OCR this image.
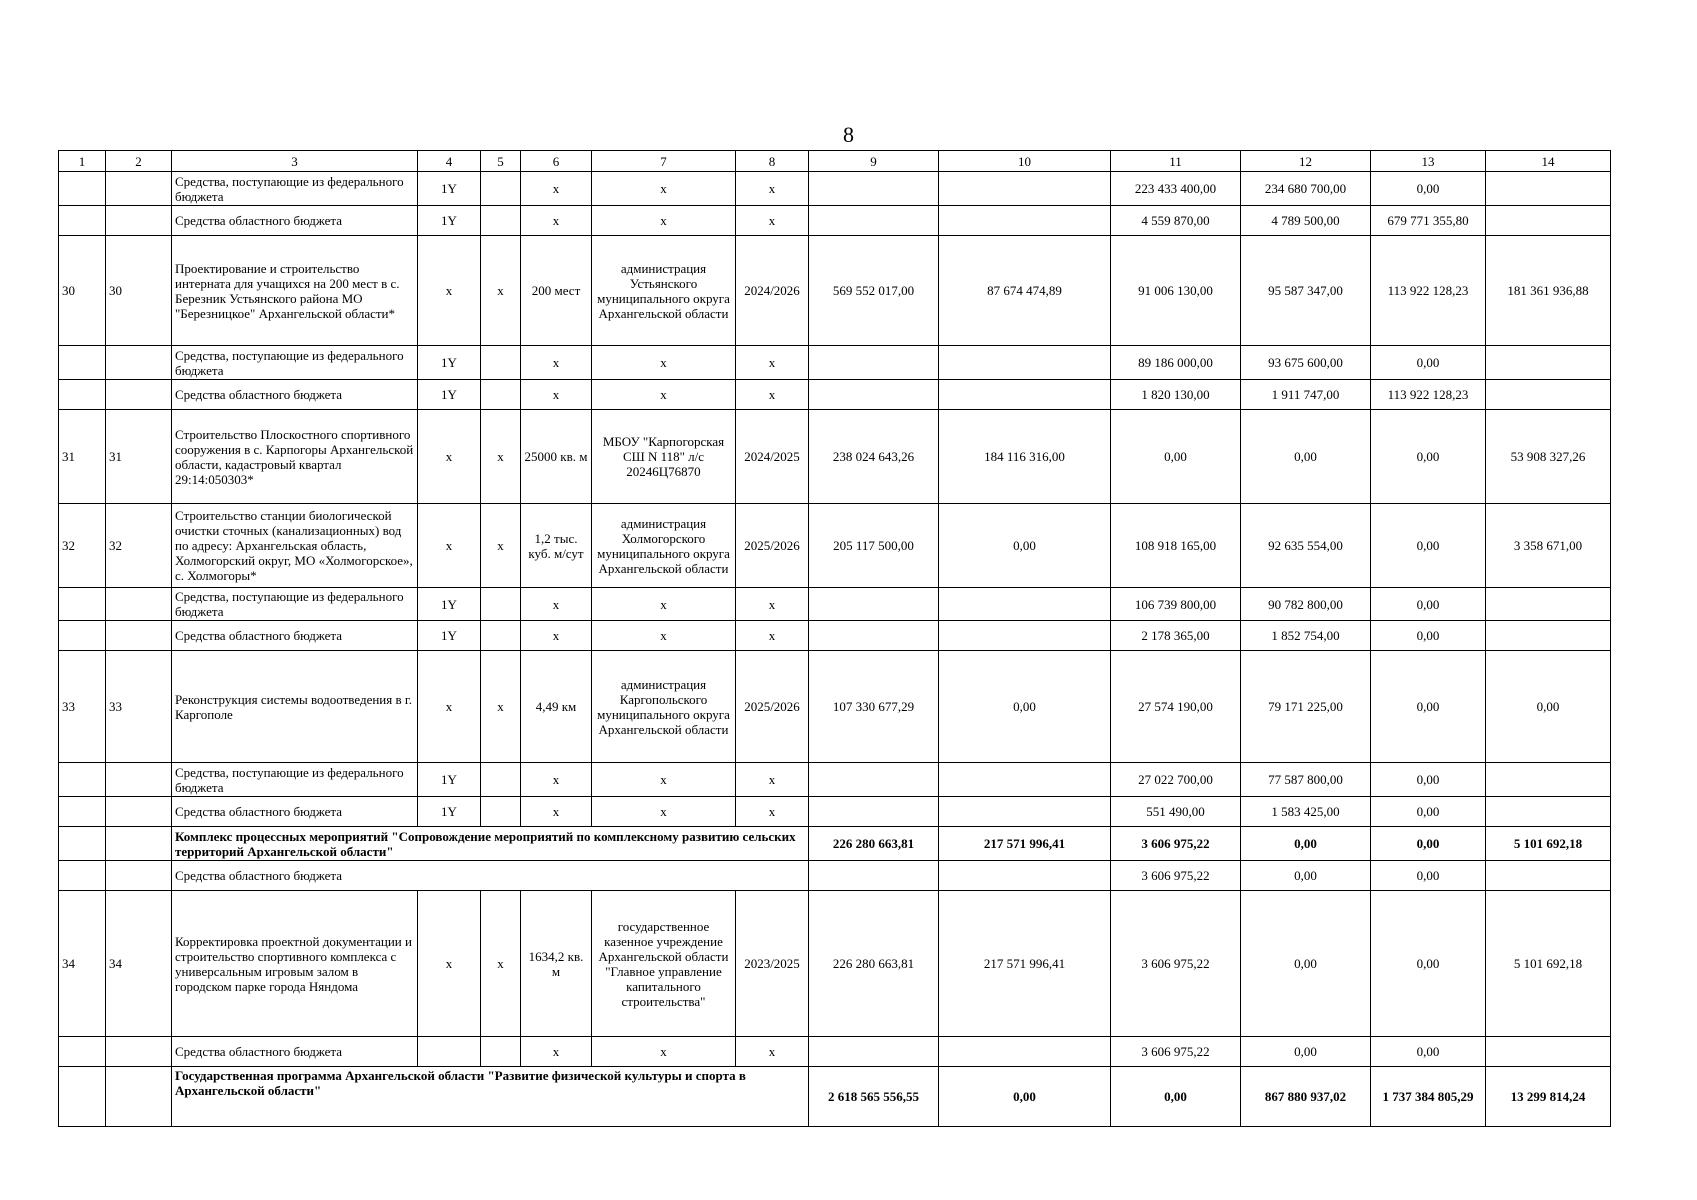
8
1	2	3	4	5	6	7	8	9	10	11	12	13	14
		Средства, поступающие из федерального бюджета	1Y		x	x	x			223 433 400,00	234 680 700,00	0,00	
		Средства областного бюджета	1Y		x	x	x			4 559 870,00	4 789 500,00	679 771 355,80	
30	30	Проектирование и строительство интерната для учащихся на 200 мест в с. Березник Устьянского района МО "Березницкое" Архангельской области*	x	x	200 мест	администрация Устьянского муниципального округа Архангельской области	2024/2026	569 552 017,00	87 674 474,89	91 006 130,00	95 587 347,00	113 922 128,23	181 361 936,88
		Средства, поступающие из федерального бюджета	1Y		x	x	x			89 186 000,00	93 675 600,00	0,00	
		Средства областного бюджета	1Y		x	x	x			1 820 130,00	1 911 747,00	113 922 128,23	
31	31	Строительство Плоскостного спортивного сооружения в с. Карпогоры Архангельской области, кадастровый квартал 29:14:050303*	x	x	25000 кв. м	МБОУ "Карпогорская СШ N 118" л/с 20246Ц76870	2024/2025	238 024 643,26	184 116 316,00	0,00	0,00	0,00	53 908 327,26
32	32	Строительство станции биологической очистки сточных (канализационных) вод по адресу: Архангельская область, Холмогорский округ, МО «Холмогорское», с. Холмогоры*	x	x	1,2 тыс. куб. м/сут	администрация Холмогорского муниципального округа Архангельской области	2025/2026	205 117 500,00	0,00	108 918 165,00	92 635 554,00	0,00	3 358 671,00
		Средства, поступающие из федерального бюджета	1Y		x	x	x			106 739 800,00	90 782 800,00	0,00	
		Средства областного бюджета	1Y		x	x	x			2 178 365,00	1 852 754,00	0,00	
33	33	Реконструкция системы водоотведения в г. Каргополе	x	x	4,49 км	администрация Каргопольского муниципального округа Архангельской области	2025/2026	107 330 677,29	0,00	27 574 190,00	79 171 225,00	0,00	0,00
		Средства, поступающие из федерального бюджета	1Y		x	x	x			27 022 700,00	77 587 800,00	0,00	
		Средства областного бюджета	1Y		x	x	x			551 490,00	1 583 425,00	0,00	
		Комплекс процессных мероприятий "Сопровождение мероприятий по комплексному развитию сельских территорий Архангельской области"						226 280 663,81	217 571 996,41	3 606 975,22	0,00	0,00	5 101 692,18
		Средства областного бюджета								3 606 975,22	0,00	0,00	
34	34	Корректировка проектной документации и строительство спортивного комплекса с универсальным игровым залом в городском парке города Няндома	x	x	1634,2 кв. м	государственное казенное учреждение Архангельской области "Главное управление капитального строительства"	2023/2025	226 280 663,81	217 571 996,41	3 606 975,22	0,00	0,00	5 101 692,18
		Средства областного бюджета			x	x	x			3 606 975,22	0,00	0,00	
		Государственная программа Архангельской области "Развитие физической культуры и спорта в Архангельской области"						2 618 565 556,55	0,00	0,00	867 880 937,02	1 737 384 805,29	13 299 814,24
